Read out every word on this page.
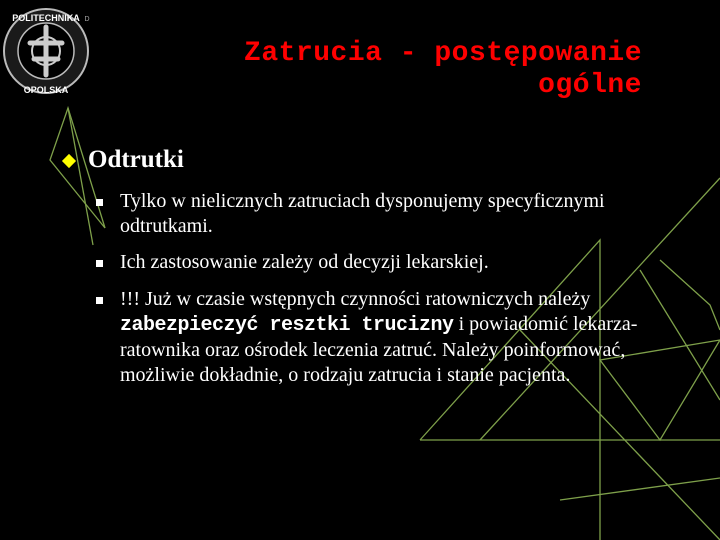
POLITECHNIKA
OPOLSKA
D
Zatrucia - postępowanie
ogólne
Odtrutki
Tylko w nielicznych zatruciach dysponujemy specyficznymi odtrutkami.
Ich zastosowanie zależy od decyzji lekarskiej.
!!! Już w czasie wstępnych czynności ratowniczych należy zabezpieczyć resztki trucizny i powiadomić lekarza-ratownika oraz ośrodek leczenia zatruć. Należy poinformować, możliwie dokładnie, o rodzaju zatrucia i stanie pacjenta.
